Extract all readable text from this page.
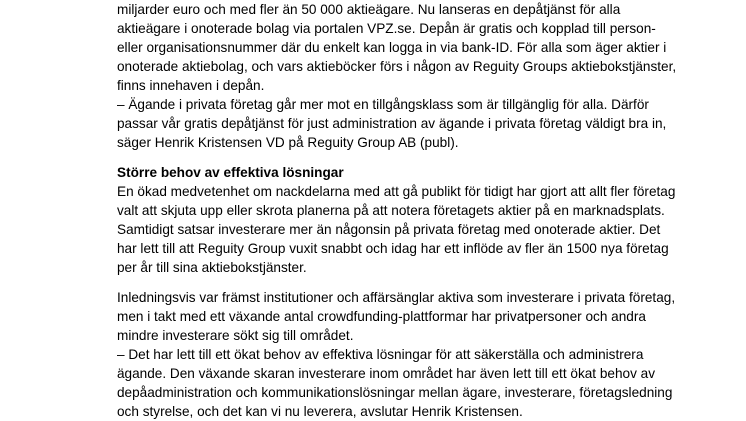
miljarder euro och med fler än 50 000 aktieägare. Nu lanseras en depåtjänst för alla
aktieägare i onoterade bolag via portalen VPZ.se. Depån är gratis och kopplad till person-
eller organisationsnummer där du enkelt kan logga in via bank-ID. För alla som äger aktier i
onoterade aktiebolag, och vars aktieböcker förs i någon av Reguity Groups aktiebokstjänster,
finns innehaven i depån.
– Ägande i privata företag går mer mot en tillgångsklass som är tillgänglig för alla. Därför
passar vår gratis depåtjänst för just administration av ägande i privata företag väldigt bra in,
säger Henrik Kristensen VD på Reguity Group AB (publ).
Större behov av effektiva lösningar
En ökad medvetenhet om nackdelarna med att gå publikt för tidigt har gjort att allt fler företag
valt att skjuta upp eller skrota planerna på att notera företagets aktier på en marknadsplats.
Samtidigt satsar investerare mer än någonsin på privata företag med onoterade aktier. Det
har lett till att Reguity Group vuxit snabbt och idag har ett inflöde av fler än 1500 nya företag
per år till sina aktiebokstjänster.
Inledningsvis var främst institutioner och affärsänglar aktiva som investerare i privata företag,
men i takt med ett växande antal crowdfunding-plattformar har privatpersoner och andra
mindre investerare sökt sig till området.
– Det har lett till ett ökat behov av effektiva lösningar för att säkerställa och administrera
ägande. Den växande skaran investerare inom området har även lett till ett ökat behov av
depåadministration och kommunikationslösningar mellan ägare, investerare, företagsledning
och styrelse, och det kan vi nu leverera, avslutar Henrik Kristensen.
